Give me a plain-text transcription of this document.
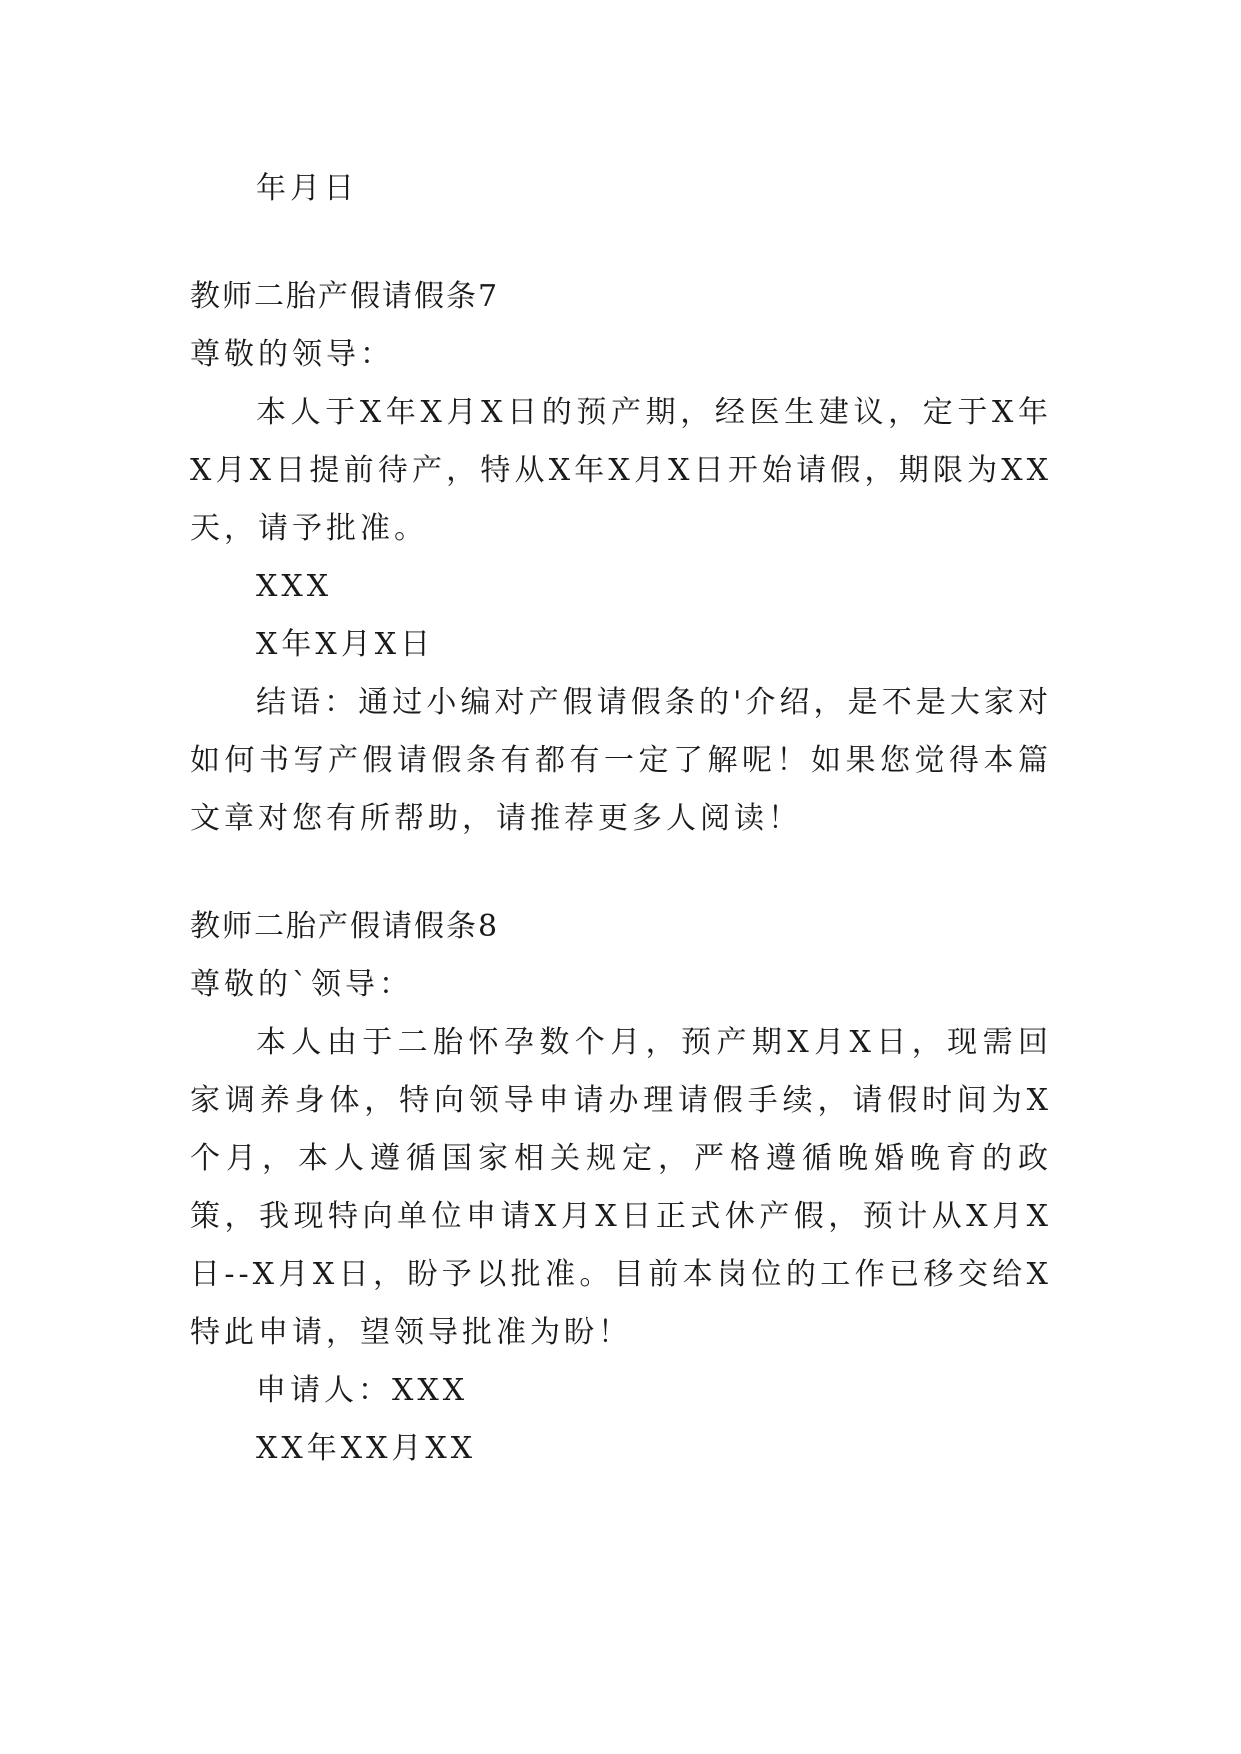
年月日

教师二胎产假请假条7

尊敬的领导：

本人于X年X月X日的预产期，经医生建议，定于X年X月X日提前待产，特从X年X月X日开始请假，期限为XX天，请予批准。

XXX

X年X月X日

结语：通过小编对产假请假条的'介绍，是不是大家对如何书写产假请假条有都有一定了解呢！如果您觉得本篇文章对您有所帮助，请推荐更多人阅读！

教师二胎产假请假条8

尊敬的`领导：

本人由于二胎怀孕数个月，预产期X月X日，现需回家调养身体，特向领导申请办理请假手续，请假时间为X个月，本人遵循国家相关规定，严格遵循晚婚晚育的政策，我现特向单位申请X月X日正式休产假，预计从X月X日--X月X日，盼予以批准。目前本岗位的工作已移交给X　　特此申请，望领导批准为盼！

申请人：XXX

XX年XX月XX
